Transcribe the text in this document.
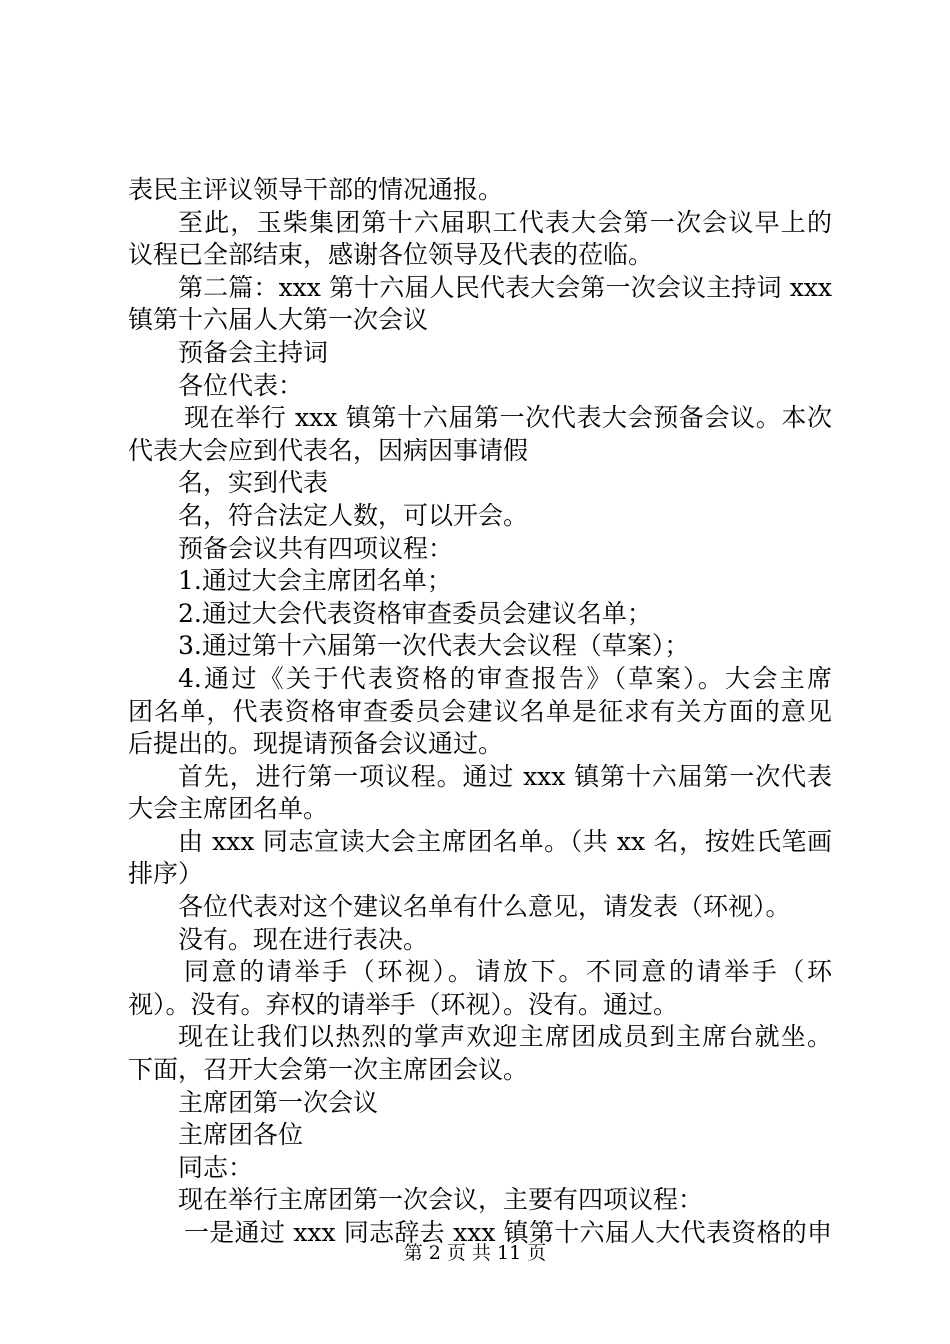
表民主评议领导干部的情况通报。
至此，玉柴集团第十六届职工代表大会第一次会议早上的
议程已全部结束，感谢各位领导及代表的莅临。
第二篇：xxx 第十六届人民代表大会第一次会议主持词 xxx
镇第十六届人大第一次会议
预备会主持词
各位代表：
现在举行 xxx 镇第十六届第一次代表大会预备会议。本次
代表大会应到代表名，因病因事请假
名，实到代表
名，符合法定人数，可以开会。
预备会议共有四项议程：
1.通过大会主席团名单；
2.通过大会代表资格审查委员会建议名单；
3.通过第十六届第一次代表大会议程（草案）；
4.通过《关于代表资格的审查报告》（草案）。大会主席
团名单，代表资格审查委员会建议名单是征求有关方面的意见
后提出的。现提请预备会议通过。
首先，进行第一项议程。通过 xxx 镇第十六届第一次代表
大会主席团名单。
由 xxx 同志宣读大会主席团名单。（共 xx 名，按姓氏笔画
排序）
各位代表对这个建议名单有什么意见，请发表（环视）。
没有。现在进行表决。
同意的请举手（环视）。请放下。不同意的请举手（环
视）。没有。弃权的请举手（环视）。没有。通过。
现在让我们以热烈的掌声欢迎主席团成员到主席台就坐。
下面，召开大会第一次主席团会议。
主席团第一次会议
主席团各位
同志：
现在举行主席团第一次会议，主要有四项议程：
一是通过 xxx 同志辞去 xxx 镇第十六届人大代表资格的申
第 2 页 共 11 页
